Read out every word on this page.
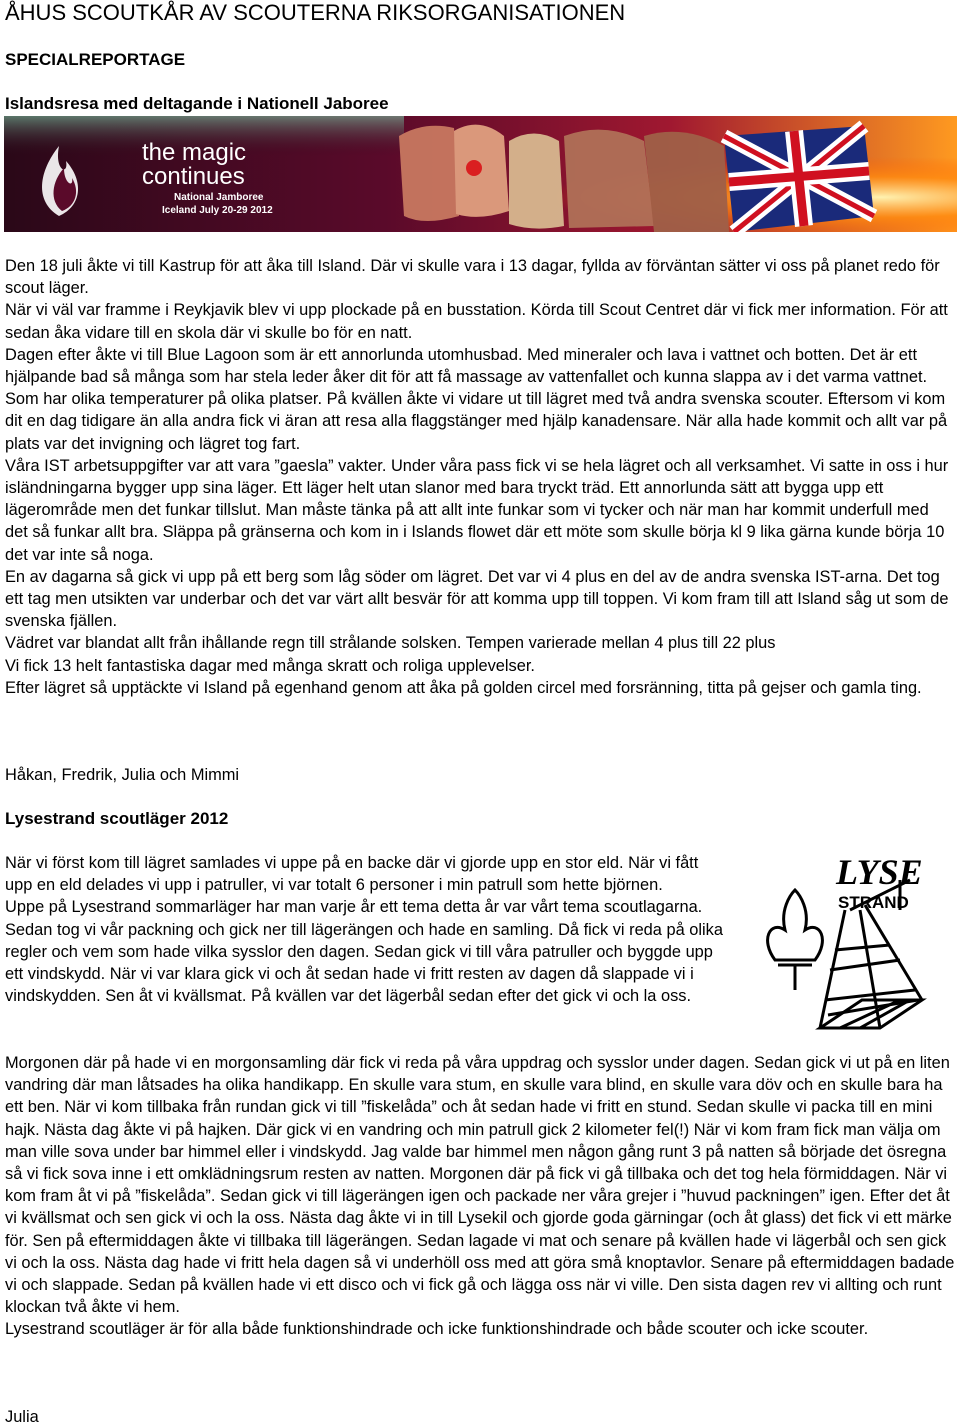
ÅHUS SCOUTKÅR AV SCOUTERNA RIKSORGANISATIONEN
SPECIALREPORTAGE
Islandsresa med deltagande i Nationell Jaboree
the magic
continues
National Jamboree
Iceland July 20-29 2012

Den 18 juli åkte vi till Kastrup för att åka till Island. Där vi skulle vara i 13 dagar, fyllda av förväntan sätter vi oss på planet redo för scout läger.

När vi väl var framme i Reykjavik blev vi upp plockade på en busstation. Körda till Scout Centret där vi fick mer information. För att sedan åka vidare till en skola där vi skulle bo för en natt.

Dagen efter åkte vi till Blue Lagoon som är ett annorlunda utomhusbad. Med mineraler och lava i vattnet och botten. Det är ett hjälpande bad så många som har stela leder åker dit för att få massage av vattenfallet och kunna slappa av i det varma vattnet. Som har olika temperaturer på olika platser. På kvällen åkte vi vidare ut till lägret med två andra svenska scouter. Eftersom vi kom dit en dag tidigare än alla andra fick vi äran att resa alla flaggstänger med hjälp kanadensare. När alla hade kommit och allt var på plats var det invigning och lägret tog fart.

Våra IST arbetsuppgifter var att vara ”gaesla” vakter. Under våra pass fick vi se hela lägret och all verksamhet. Vi satte in oss i hur isländningarna bygger upp sina läger. Ett läger helt utan slanor med bara tryckt träd. Ett annorlunda sätt att bygga upp ett lägerområde men det funkar tillslut. Man måste tänka på att allt inte funkar som vi tycker och när man har kommit underfull med det så funkar allt bra. Släppa på gränserna och kom in i Islands flowet där ett möte som skulle börja kl 9 lika gärna kunde börja 10 det var inte så noga.

En av dagarna så gick vi upp på ett berg som låg söder om lägret. Det var vi 4 plus en del av de andra svenska IST-arna. Det tog ett tag men utsikten var underbar och det var värt allt besvär för att komma upp till toppen. Vi kom fram till att Island såg ut som de svenska fjällen.

Vädret var blandat allt från ihållande regn till strålande solsken. Tempen varierade mellan 4 plus till 22 plus

Vi fick 13 helt fantastiska dagar med många skratt och roliga upplevelser.

Efter lägret så upptäckte vi Island på egenhand genom att åka på golden circel med forsränning, titta på gejser och gamla ting.

Håkan, Fredrik, Julia och Mimmi
Lysestrand scoutläger 2012

När vi först kom till lägret samlades vi uppe på en backe där vi gjorde upp en stor eld. När vi fått upp en eld delades vi upp i patruller, vi var totalt 6 personer i min patrull som hette björnen.

Uppe på Lysestrand sommarläger har man varje år ett tema detta år var vårt tema scoutlagarna. Sedan tog vi vår packning och gick ner till lägerängen och hade en samling. Då fick vi reda på olika regler och vem som hade vilka sysslor den dagen. Sedan gick vi till våra patruller och byggde upp ett vindskydd. När vi var klara gick vi och åt sedan hade vi fritt resten av dagen då slappade vi i vindskydden. Sen åt vi kvällsmat. På kvällen var det lägerbål sedan efter det gick vi och la oss.

LYSE
STRAND

Morgonen där på hade vi en morgonsamling där fick vi reda på våra uppdrag och sysslor under dagen. Sedan gick vi ut på en liten vandring där man låtsades ha olika handikapp. En skulle vara stum, en skulle vara blind, en skulle vara döv och en skulle bara ha ett ben. När vi kom tillbaka från rundan gick vi till ”fiskelåda” och åt sedan hade vi fritt en stund. Sedan skulle vi packa till en mini hajk. Nästa dag åkte vi på hajken. Där gick vi en vandring och min patrull gick 2 kilometer fel(!) När vi kom fram fick man välja om man ville sova under bar himmel eller i vindskydd. Jag valde bar himmel men någon gång runt 3 på natten så började det ösregna så vi fick sova inne i ett omklädningsrum resten av natten. Morgonen där på fick vi gå tillbaka och det tog hela förmiddagen. När vi kom fram åt vi på ”fiskelåda”. Sedan gick vi till lägerängen igen och packade ner våra grejer i ”huvud packningen” igen. Efter det åt vi kvällsmat och sen gick vi och la oss. Nästa dag åkte vi in till Lysekil och gjorde goda gärningar (och åt glass) det fick vi ett märke för. Sen på eftermiddagen åkte vi tillbaka till lägerängen. Sedan lagade vi mat och senare på kvällen hade vi lägerbål och sen gick vi och la oss. Nästa dag hade vi fritt hela dagen så vi underhöll oss med att göra små knoptavlor. Senare på eftermiddagen badade vi och slappade. Sedan på kvällen hade vi ett disco och vi fick gå och lägga oss när vi ville. Den sista dagen rev vi allting och runt klockan två åkte vi hem.

Lysestrand scoutläger är för alla både funktionshindrade och icke funktionshindrade och både scouter och icke scouter.

Julia
